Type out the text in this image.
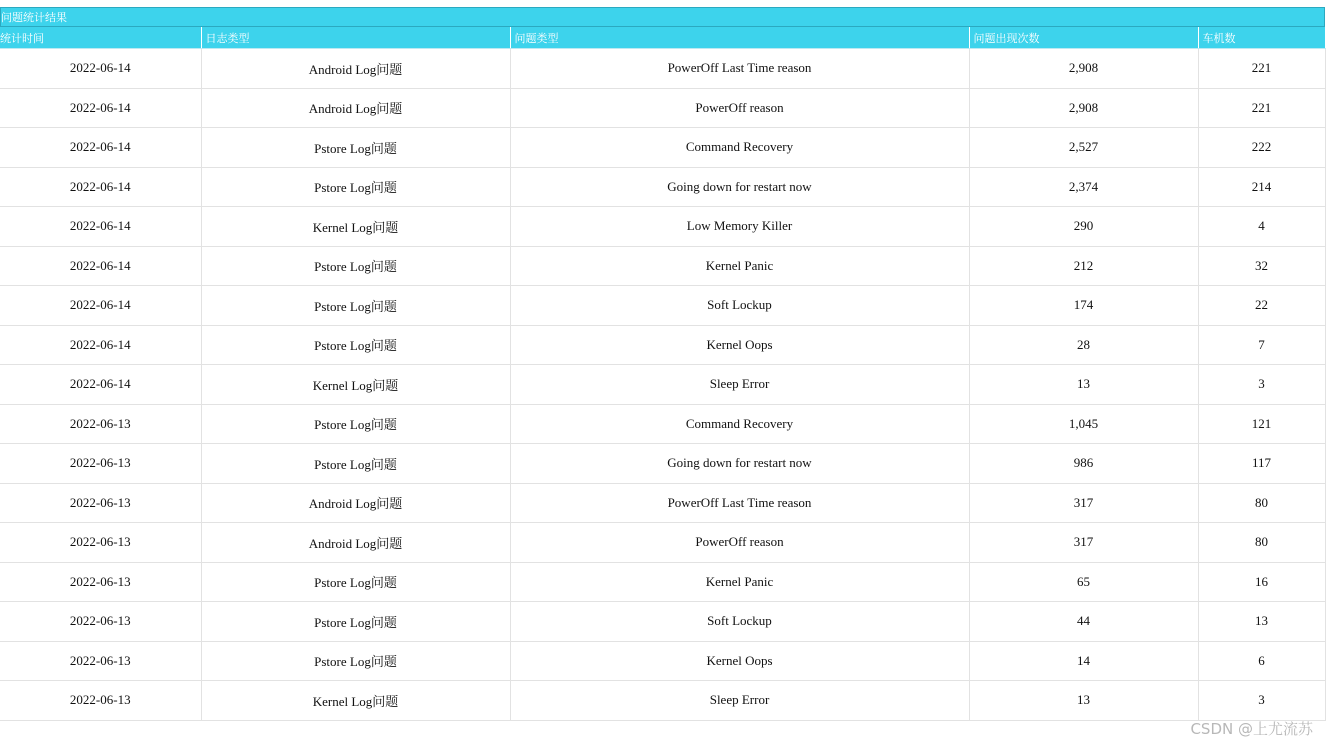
问题统计结果
统计时间	日志类型	问题类型	问题出现次数	车机数
2022-06-14	Android Log问题	PowerOff Last Time reason	2,908	221
2022-06-14	Android Log问题	PowerOff reason	2,908	221
2022-06-14	Pstore Log问题	Command Recovery	2,527	222
2022-06-14	Pstore Log问题	Going down for restart now	2,374	214
2022-06-14	Kernel Log问题	Low Memory Killer	290	4
2022-06-14	Pstore Log问题	Kernel Panic	212	32
2022-06-14	Pstore Log问题	Soft Lockup	174	22
2022-06-14	Pstore Log问题	Kernel Oops	28	7
2022-06-14	Kernel Log问题	Sleep Error	13	3
2022-06-13	Pstore Log问题	Command Recovery	1,045	121
2022-06-13	Pstore Log问题	Going down for restart now	986	117
2022-06-13	Android Log问题	PowerOff Last Time reason	317	80
2022-06-13	Android Log问题	PowerOff reason	317	80
2022-06-13	Pstore Log问题	Kernel Panic	65	16
2022-06-13	Pstore Log问题	Soft Lockup	44	13
2022-06-13	Pstore Log问题	Kernel Oops	14	6
2022-06-13	Kernel Log问题	Sleep Error	13	3
CSDN @上尤流苏
